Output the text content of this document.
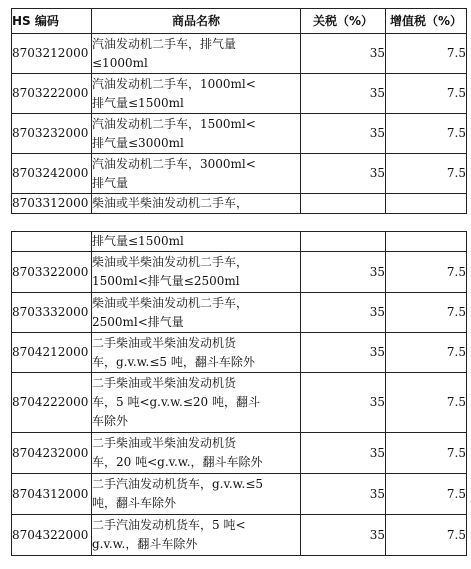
HS 编码	商品名称	关税（%）	增值税（%）
8703212000	汽油发动机二手车，排气量
≤1000ml	35	7.5
8703222000	汽油发动机二手车，1000ml<
排气量≤1500ml	35	7.5
8703232000	汽油发动机二手车，1500ml<
排气量≤3000ml	35	7.5
8703242000	汽油发动机二手车，3000ml<
排气量	35	7.5
8703312000	柴油或半柴油发动机二手车，		

	排气量≤1500ml		

8703322000	柴油或半柴油发动机二手车，
1500ml<排气量≤2500ml	35	7.5
8703332000	柴油或半柴油发动机二手车，
2500ml<排气量	35	7.5
8704212000	二手柴油或半柴油发动机货
车，g.v.w.≤5 吨，翻斗车除外	35	7.5
8704222000	二手柴油或半柴油发动机货
车，5 吨<g.v.w.≤20 吨，翻斗
车除外	35	7.5
8704232000	二手柴油或半柴油发动机货
车，20 吨<g.v.w.，翻斗车除外	35	7.5
8704312000	二手汽油发动机货车，g.v.w.≤5
吨，翻斗车除外	35	7.5
8704322000	二手汽油发动机货车，5 吨<
g.v.w.，翻斗车除外	35	7.5
